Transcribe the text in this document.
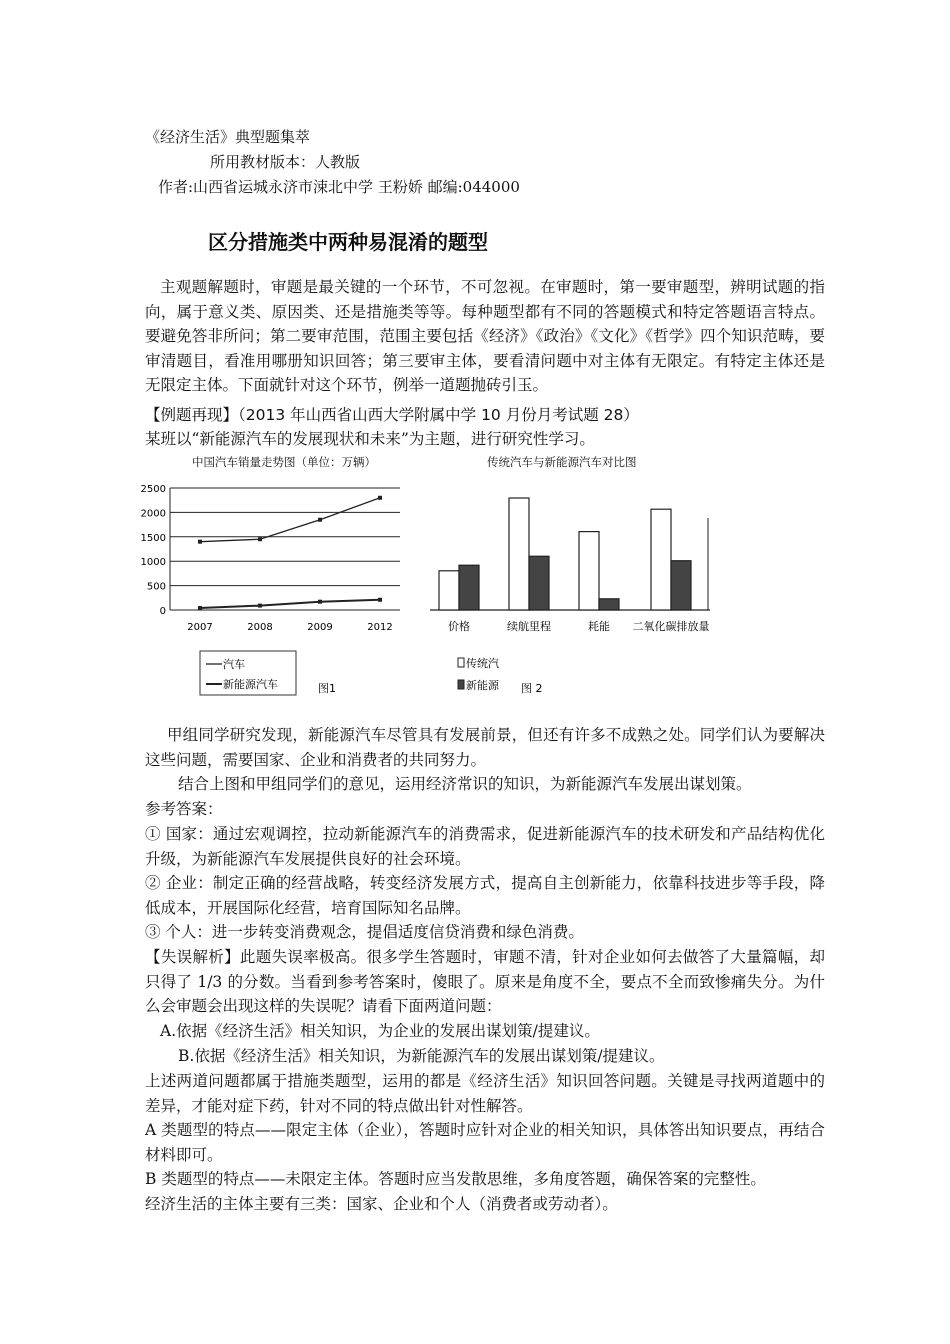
《经济生活》典型题集萃
所用教材版本：人教版
作者:山西省运城永济市涑北中学 王粉娇 邮编:044000
区分措施类中两种易混淆的题型
主观题解题时，审题是最关键的一个环节，不可忽视。在审题时，第一要审题型，辨明试题的指向，属于意义类、原因类、还是措施类等等。每种题型都有不同的答题模式和特定答题语言特点。要避免答非所问；第二要审范围，范围主要包括《经济》《政治》《文化》《哲学》四个知识范畴，要审清题目，看准用哪册知识回答；第三要审主体，要看清问题中对主体有无限定。有特定主体还是无限定主体。下面就针对这个环节，例举一道题抛砖引玉。
【例题再现】（2013 年山西省山西大学附属中学 10 月份月考试题 28）
某班以“新能源汽车的发展现状和未来”为主题，进行研究性学习。
中国汽车销量走势图（单位：万辆）
0
500
1000
1500
2000
2500
2007	2008	2009	2012
汽车
新能源汽车	图1
传统汽车与新能源汽车对比图
价格	续航里程	耗能 二氧化碳排放量
传统汽
新能源 图 2
甲组同学研究发现，新能源汽车尽管具有发展前景，但还有许多不成熟之处。同学们认为要解决这些问题，需要国家、企业和消费者的共同努力。
结合上图和甲组同学们的意见，运用经济常识的知识，为新能源汽车发展出谋划策。
参考答案：
① 国家：通过宏观调控，拉动新能源汽车的消费需求，促进新能源汽车的技术研发和产品结构优化升级，为新能源汽车发展提供良好的社会环境。
② 企业：制定正确的经营战略，转变经济发展方式，提高自主创新能力，依靠科技进步等手段，降低成本，开展国际化经营，培育国际知名品牌。
③ 个人：进一步转变消费观念，提倡适度信贷消费和绿色消费。
【失误解析】此题失误率极高。很多学生答题时，审题不清，针对企业如何去做答了大量篇幅，却只得了 1/3 的分数。当看到参考答案时，傻眼了。原来是角度不全，要点不全而致惨痛失分。为什么会审题会出现这样的失误呢？请看下面两道问题：
A.依据《经济生活》相关知识，为企业的发展出谋划策/提建议。
B.依据《经济生活》相关知识，为新能源汽车的发展出谋划策/提建议。
上述两道问题都属于措施类题型，运用的都是《经济生活》知识回答问题。关键是寻找两道题中的差异，才能对症下药，针对不同的特点做出针对性解答。
A 类题型的特点——限定主体（企业），答题时应针对企业的相关知识，具体答出知识要点，再结合材料即可。
B 类题型的特点——未限定主体。答题时应当发散思维，多角度答题，确保答案的完整性。
经济生活的主体主要有三类：国家、企业和个人（消费者或劳动者）。
